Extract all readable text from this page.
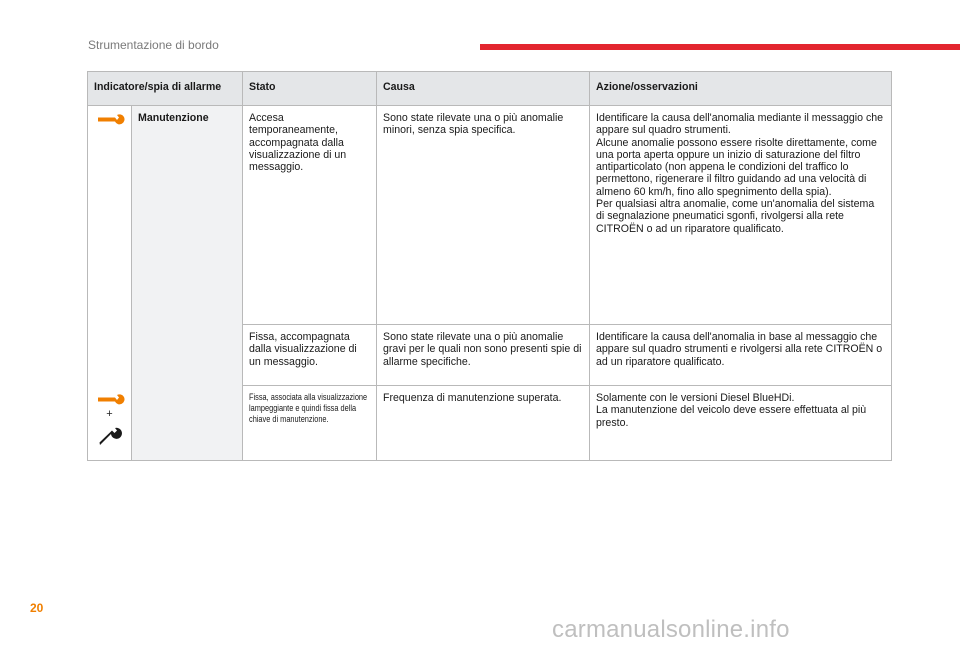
Strumentazione di bordo
Indicatore/spia di allarme		Stato	Causa	Azione/osservazioni

	Manutenzione	Accesa temporaneamente, accompagnata dalla visualizzazione di un messaggio.	Sono state rilevate una o più anomalie minori, senza spia specifica.	Identificare la causa dell'anomalia mediante il messaggio che appare sul quadro strumenti.
Alcune anomalie possono essere risolte direttamente, come una porta aperta oppure un inizio di saturazione del filtro antiparticolato (non appena le condizioni del traffico lo permettono, rigenerare il filtro guidando ad una velocità di almeno 60 km/h, fino allo spegnimento della spia).
Per qualsiasi altra anomalie, come un'anomalia del sistema di segnalazione pneumatici sgonfi, rivolgersi alla rete CITROËN o ad un riparatore qualificato.
		Fissa, accompagnata dalla visualizzazione di un messaggio.	Sono state rilevate una o più anomalie gravi per le quali non sono presenti spie di allarme specifiche.	Identificare la causa dell'anomalia in base al messaggio che appare sul quadro strumenti e rivolgersi alla rete CITROËN o ad un riparatore qualificato.

+		Fissa, associata alla visualizzazione lampeggiante e quindi fissa della chiave di manutenzione.	Frequenza di manutenzione superata.	Solamente con le versioni Diesel BlueHDi.
La manutenzione del veicolo deve essere effettuata al più presto.
20
carmanualsonline.info
